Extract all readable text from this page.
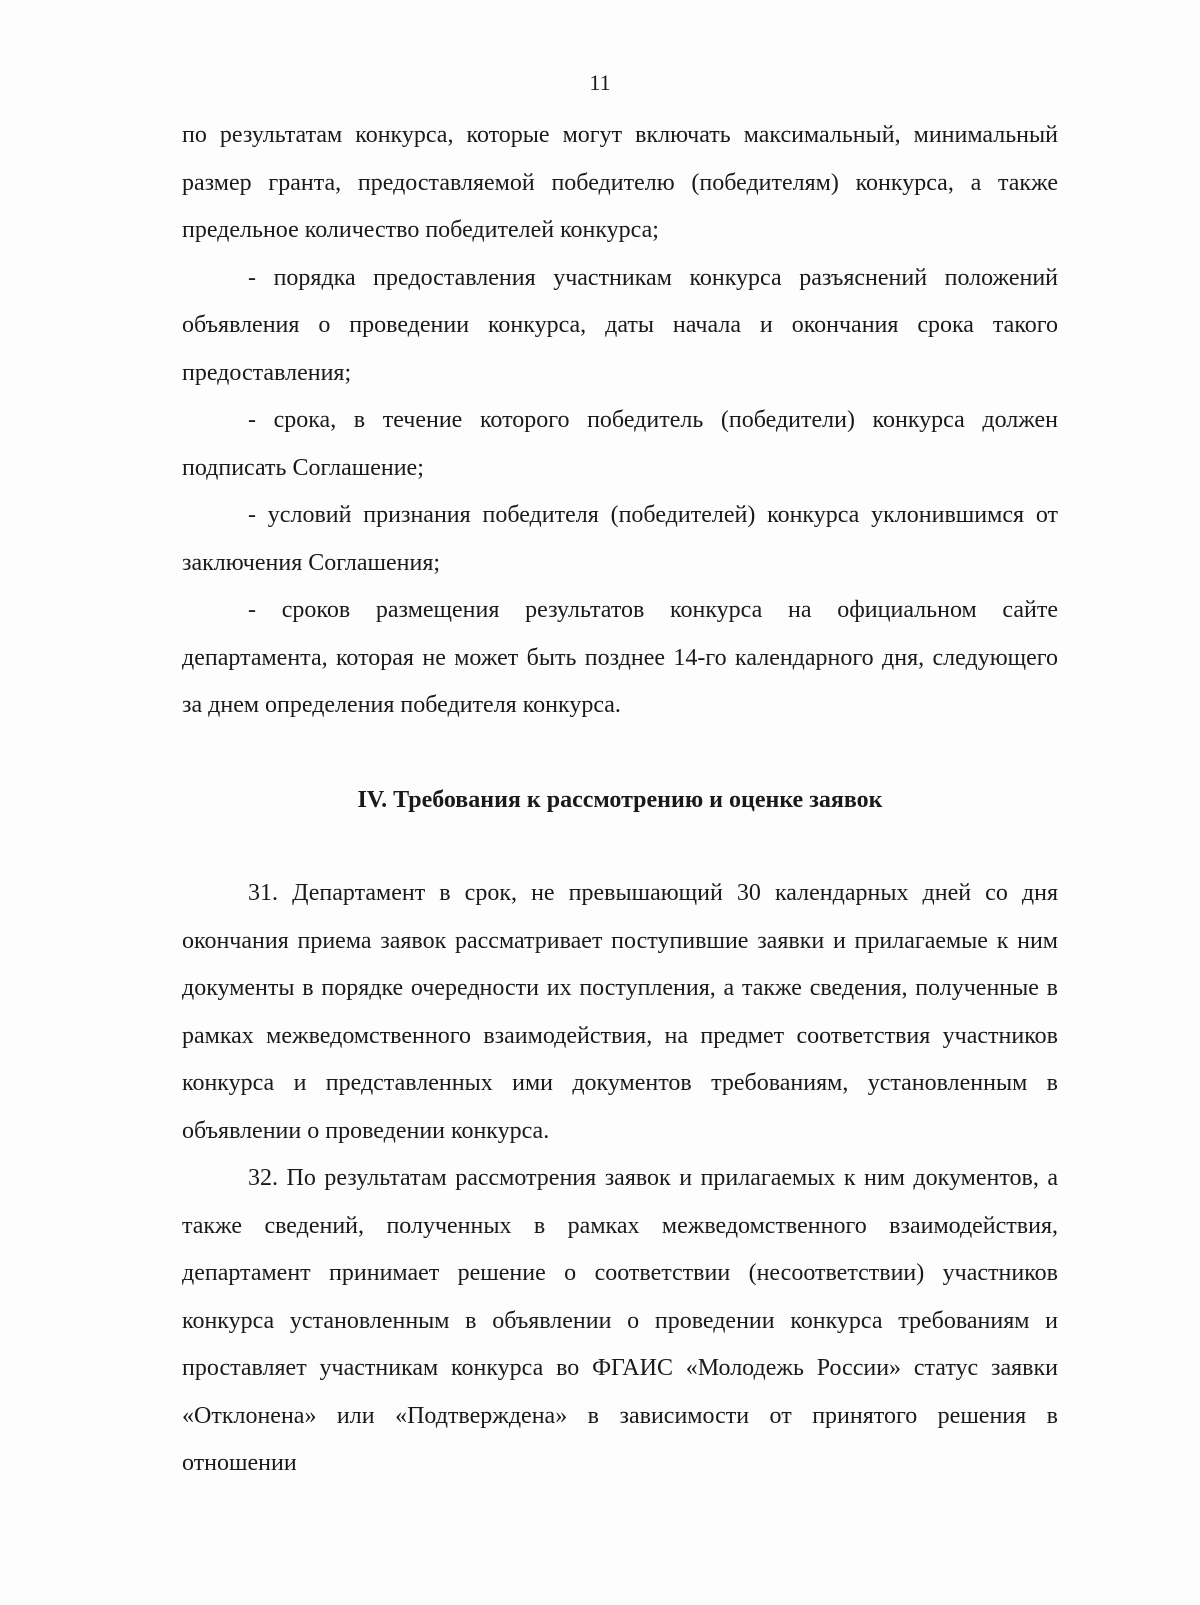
11

по результатам конкурса, которые могут включать максимальный, минимальный размер гранта, предоставляемой победителю (победителям) конкурса, а также предельное количество победителей конкурса;

- порядка предоставления участникам конкурса разъяснений положений объявления о проведении конкурса, даты начала и окончания срока такого предоставления;

- срока, в течение которого победитель (победители) конкурса должен подписать Соглашение;

- условий признания победителя (победителей) конкурса уклонившимся от заключения Соглашения;

- сроков размещения результатов конкурса на официальном сайте департамента, которая не может быть позднее 14-го календарного дня, следующего за днем определения победителя конкурса.

IV. Требования к рассмотрению и оценке заявок

31. Департамент в срок, не превышающий 30 календарных дней со дня окончания приема заявок рассматривает поступившие заявки и прилагаемые к ним документы в порядке очередности их поступления, а также сведения, полученные в рамках межведомственного взаимодействия, на предмет соответствия участников конкурса и представленных ими документов требованиям, установленным в объявлении о проведении конкурса.

32. По результатам рассмотрения заявок и прилагаемых к ним документов, а также сведений, полученных в рамках межведомственного взаимодействия, департамент принимает решение о соответствии (несоответствии) участников конкурса установленным в объявлении о проведении конкурса требованиям и проставляет участникам конкурса во ФГАИС «Молодежь России» статус заявки «Отклонена» или «Подтверждена» в зависимости от принятого решения в отношении
